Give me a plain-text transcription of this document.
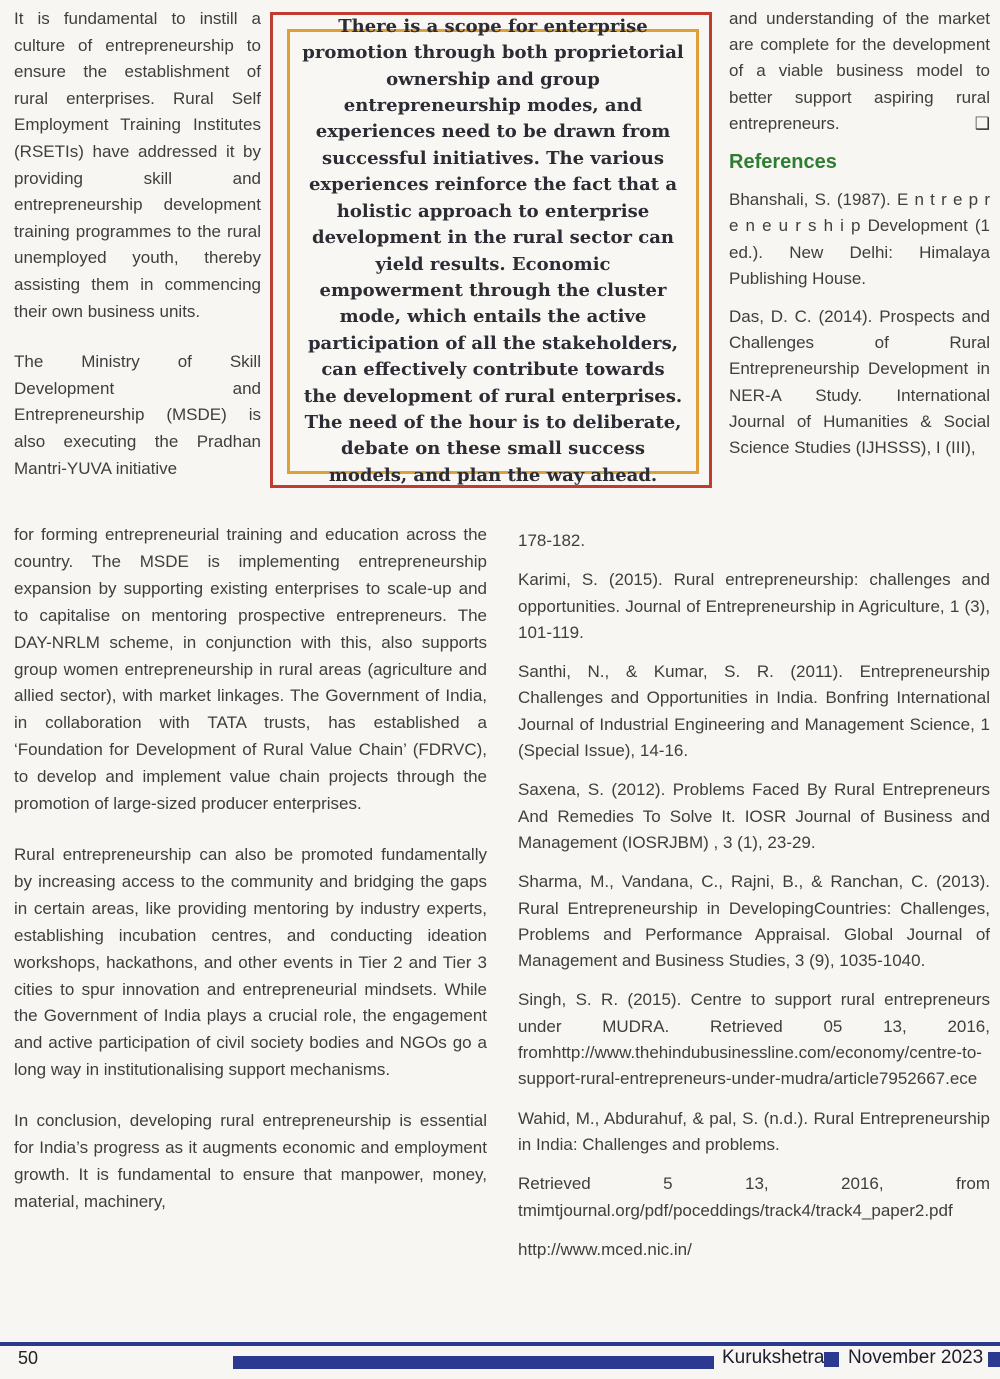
It is fundamental to instill a culture of entrepreneurship to ensure the establishment of rural enterprises. Rural Self Employment Training Institutes (RSETIs) have addressed it by providing skill and entrepreneurship development training programmes to the rural unemployed youth, thereby assisting them in commencing their own business units.

The Ministry of Skill Development and Entrepreneurship (MSDE) is also executing the Pradhan Mantri-YUVA initiative

There is a scope for enterprise promotion through both proprietorial ownership and group entrepreneurship modes, and experiences need to be drawn from successful initiatives. The various experiences reinforce the fact that a holistic approach to enterprise development in the rural sector can yield results. Economic empowerment through the cluster mode, which entails the active participation of all the stakeholders, can effectively contribute towards the development of rural enterprises. The need of the hour is to deliberate, debate on these small success models, and plan the way ahead.

and understanding of the market are complete for the development of a viable business model to better support aspiring rural entrepreneurs.	❑

References

Bhanshali, S. (1987). E n t r e p r e n e u r s h i p Development (1 ed.). New Delhi: Himalaya Publishing House.

Das, D. C. (2014). Prospects and Challenges of Rural Entrepreneurship Development in NER-A Study. International Journal of Humanities & Social Science Studies (IJHSSS), I (III),

for forming entrepreneurial training and education across the country. The MSDE is implementing entrepreneurship expansion by supporting existing enterprises to scale-up and to capitalise on mentoring prospective entrepreneurs. The DAY-NRLM scheme, in conjunction with this, also supports group women entrepreneurship in rural areas (agriculture and allied sector), with market linkages. The Government of India, in collaboration with TATA trusts, has established a ‘Foundation for Development of Rural Value Chain’ (FDRVC), to develop and implement value chain projects through the promotion of large-sized producer enterprises.

Rural entrepreneurship can also be promoted fundamentally by increasing access to the community and bridging the gaps in certain areas, like providing mentoring by industry experts, establishing incubation centres, and conducting ideation workshops, hackathons, and other events in Tier 2 and Tier 3 cities to spur innovation and entrepreneurial mindsets. While the Government of India plays a crucial role, the engagement and active participation of civil society bodies and NGOs go a long way in institutionalising support mechanisms.

In conclusion, developing rural entrepreneurship is essential for India’s progress as it augments economic and employment growth. It is fundamental to ensure that manpower, money, material, machinery,

178-182.

Karimi, S. (2015). Rural entrepreneurship: challenges and opportunities. Journal of Entrepreneurship in Agriculture, 1 (3), 101-119.

Santhi, N., & Kumar, S. R. (2011). Entrepreneurship Challenges and Opportunities in India. Bonfring International Journal of Industrial Engineering and Management Science, 1 (Special Issue), 14-16.

Saxena, S. (2012). Problems Faced By Rural Entrepreneurs And Remedies To Solve It. IOSR Journal of Business and Management (IOSRJBM) , 3 (1), 23-29.

Sharma, M., Vandana, C., Rajni, B., & Ranchan, C. (2013). Rural Entrepreneurship in DevelopingCountries: Challenges, Problems and Performance Appraisal. Global Journal of Management and Business Studies, 3 (9), 1035-1040.

Singh, S. R. (2015). Centre to support rural entrepreneurs under MUDRA. Retrieved 05 13, 2016, fromhttp://www.thehindubusinessline.com/economy/centre-to-support-rural-entrepreneurs-under-mudra/article7952667.ece

Wahid, M., Abdurahuf, & pal, S. (n.d.). Rural Entrepreneurship in India: Challenges and problems.

Retrieved 5 13, 2016, from tmimtjournal.org/pdf/poceddings/track4/track4_paper2.pdf

http://www.mced.nic.in/

50	Kurukshetra November 2023
